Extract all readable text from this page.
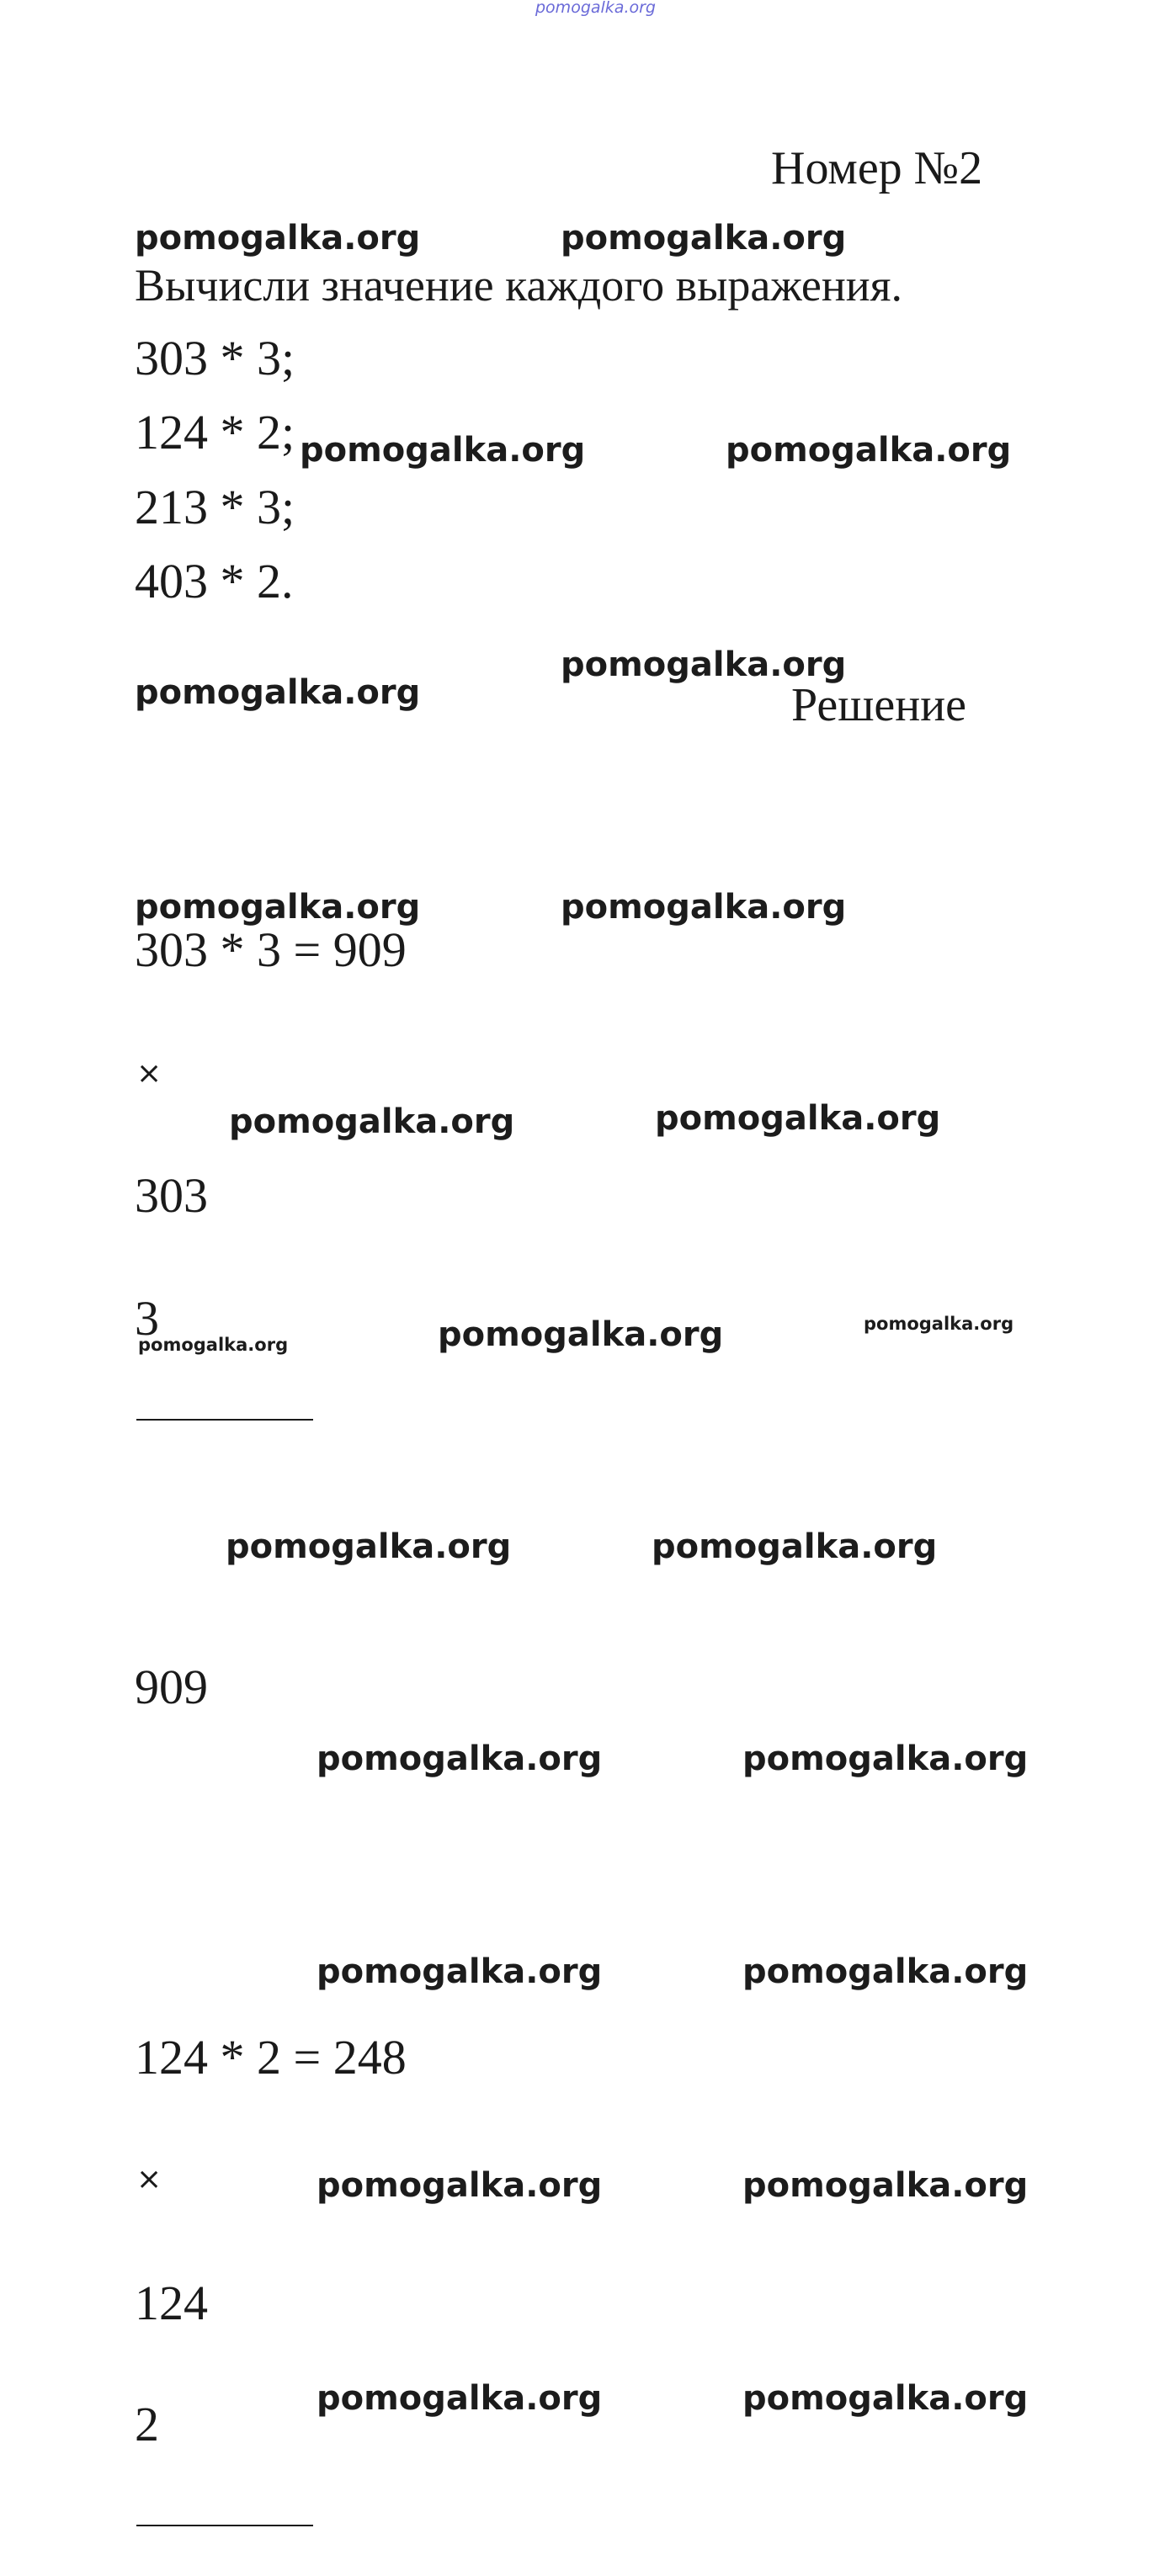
pomogalka.org
Номер №2
pomogalka.org	pomogalka.org
Вычисли значение каждого выражения.
303 * 3;
124 * 2; pomogalka.org	pomogalka.org
213 * 3;
403 * 2.
pomogalka.org
pomogalka.org	Решение
pomogalka.org	pomogalka.org
303 * 3 = 909
×
pomogalka.org	pomogalka.org
303
3
pomogalka.org	pomogalka.org	pomogalka.org
pomogalka.org	pomogalka.org
909
pomogalka.org	pomogalka.org
pomogalka.org	pomogalka.org
124 * 2 = 248
×	pomogalka.org	pomogalka.org
124
pomogalka.org	pomogalka.org
2
